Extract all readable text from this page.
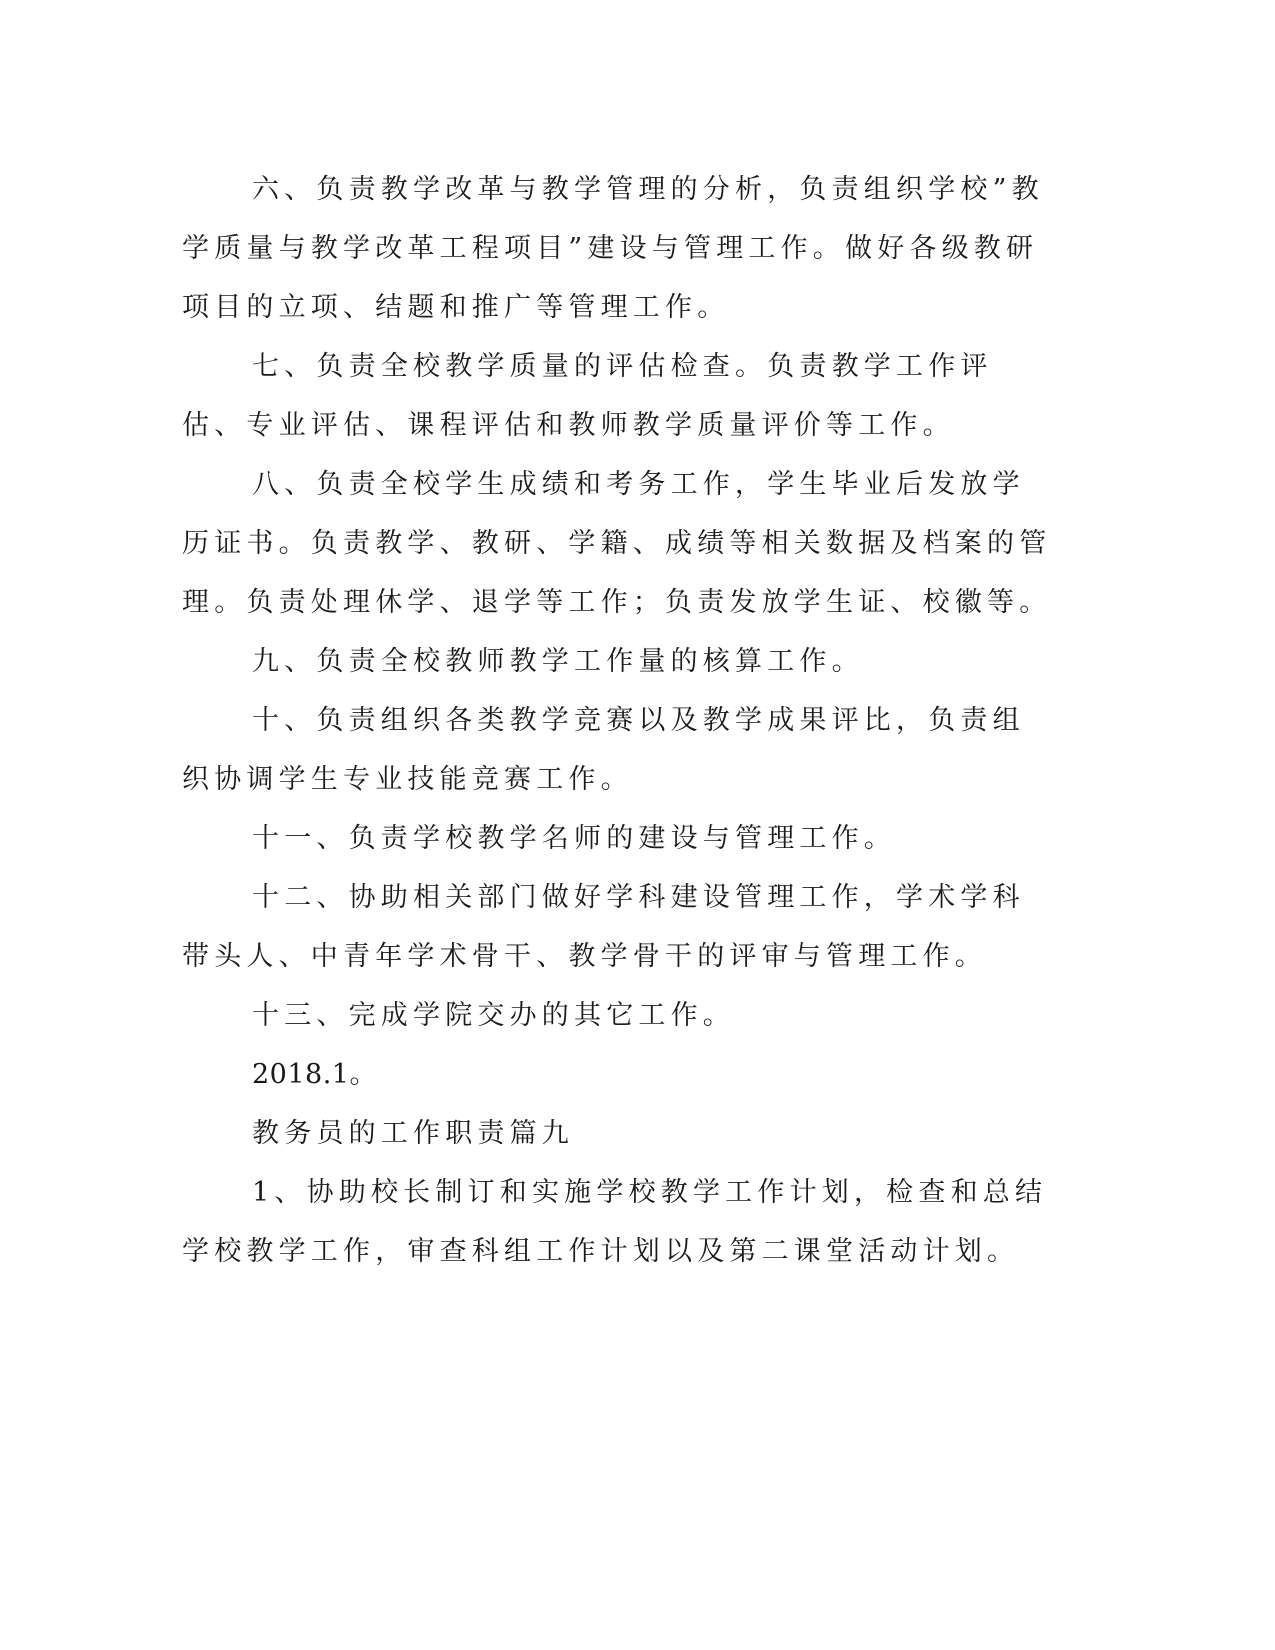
六、负责教学改革与教学管理的分析，负责组织学校”教学质量与教学改革工程项目”建设与管理工作。做好各级教研项目的立项、结题和推广等管理工作。

七、负责全校教学质量的评估检查。负责教学工作评估、专业评估、课程评估和教师教学质量评价等工作。

八、负责全校学生成绩和考务工作，学生毕业后发放学历证书。负责教学、教研、学籍、成绩等相关数据及档案的管理。负责处理休学、退学等工作；负责发放学生证、校徽等。

九、负责全校教师教学工作量的核算工作。

十、负责组织各类教学竞赛以及教学成果评比，负责组织协调学生专业技能竞赛工作。

十一、负责学校教学名师的建设与管理工作。

十二、协助相关部门做好学科建设管理工作，学术学科带头人、中青年学术骨干、教学骨干的评审与管理工作。

十三、完成学院交办的其它工作。

2018.1。

教务员的工作职责篇九

1、协助校长制订和实施学校教学工作计划，检查和总结学校教学工作，审查科组工作计划以及第二课堂活动计划。
